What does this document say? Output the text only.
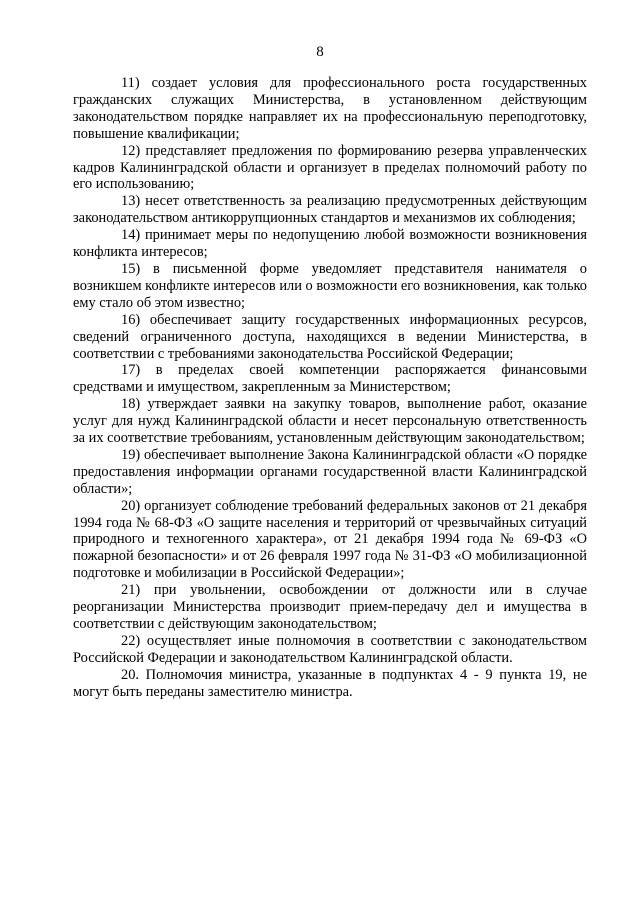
8

11) создает условия для профессионального роста государственных гражданских служащих Министерства, в установленном действующим законодательством порядке направляет их на профессиональную переподготовку, повышение квалификации;

12) представляет предложения по формированию резерва управленческих кадров Калининградской области и организует в пределах полномочий работу по его использованию;

13) несет ответственность за реализацию предусмотренных действующим законодательством антикоррупционных стандартов и механизмов их соблюдения;

14) принимает меры по недопущению любой возможности возникновения конфликта интересов;

15) в письменной форме уведомляет представителя нанимателя о возникшем конфликте интересов или о возможности его возникновения, как только ему стало об этом известно;

16) обеспечивает защиту государственных информационных ресурсов, сведений ограниченного доступа, находящихся в ведении Министерства, в соответствии с требованиями законодательства Российской Федерации;

17) в пределах своей компетенции распоряжается финансовыми средствами и имуществом, закрепленным за Министерством;

18) утверждает заявки на закупку товаров, выполнение работ, оказание услуг для нужд Калининградской области и несет персональную ответственность за их соответствие требованиям, установленным действующим законодательством;

19) обеспечивает выполнение Закона Калининградской области «О порядке предоставления информации органами государственной власти Калининградской области»;

20) организует соблюдение требований федеральных законов от 21 декабря 1994 года № 68-ФЗ «О защите населения и территорий от чрезвычайных ситуаций природного и техногенного характера», от 21 декабря 1994 года № 69-ФЗ «О пожарной безопасности» и от 26 февраля 1997 года № 31-ФЗ «О мобилизационной подготовке и мобилизации в Российской Федерации»;

21) при увольнении, освобождении от должности или в случае реорганизации Министерства производит прием-передачу дел и имущества в соответствии с действующим законодательством;

22) осуществляет иные полномочия в соответствии с законодательством Российской Федерации и законодательством Калининградской области.

20. Полномочия министра, указанные в подпунктах 4 - 9 пункта 19, не могут быть переданы заместителю министра.
